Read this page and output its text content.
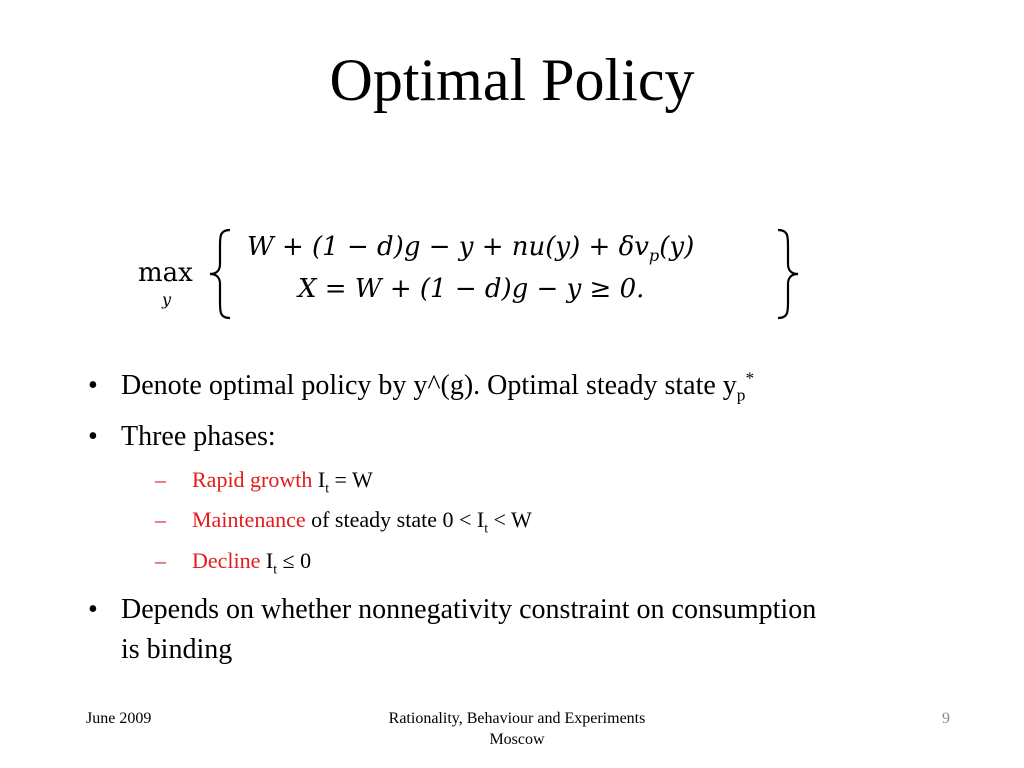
Optimal Policy
max
y
$W + (1 - d)g - y + nu(y) + \delta v_p(y)$
X = W + (1 − d)g − y ≥ 0.
• Denote optimal policy by y^(g). Optimal steady state $y_p^*$
• Three phases:
– Rapid growth $I_t = W$
– Maintenance of steady state $0 < I_t < W$
– Decline $I_t \le 0$
• Depends on whether nonnegativity constraint on consumption
is binding
June 2009	Rationality, Behaviour and Experiments
Moscow
9
